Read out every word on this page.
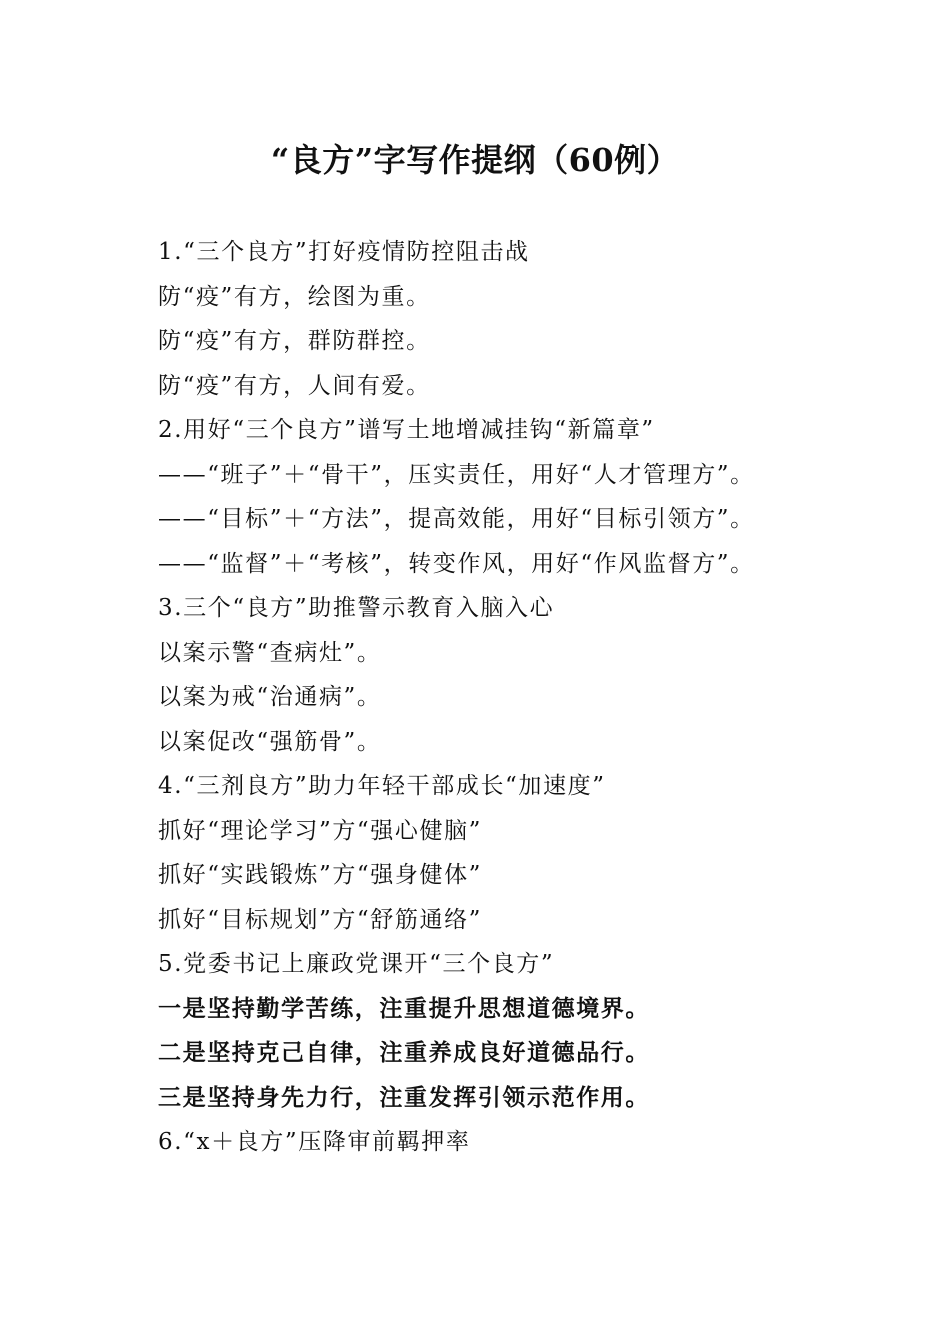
“良方”字写作提纲（60例）
1.“三个良方”打好疫情防控阻击战
防“疫”有方，绘图为重。
防“疫”有方，群防群控。
防“疫”有方，人间有爱。
2.用好“三个良方”谱写土地增减挂钩“新篇章”
——“班子”＋“骨干”，压实责任，用好“人才管理方”。
——“目标”＋“方法”，提高效能，用好“目标引领方”。
——“监督”＋“考核”，转变作风，用好“作风监督方”。
3.三个“良方”助推警示教育入脑入心
以案示警“查病灶”。
以案为戒“治通病”。
以案促改“强筋骨”。
4.“三剂良方”助力年轻干部成长“加速度”
抓好“理论学习”方“强心健脑”
抓好“实践锻炼”方“强身健体”
抓好“目标规划”方“舒筋通络”
5.党委书记上廉政党课开“三个良方”
一是坚持勤学苦练，注重提升思想道德境界。
二是坚持克己自律，注重养成良好道德品行。
三是坚持身先力行，注重发挥引领示范作用。
6.“x＋良方”压降审前羁押率
